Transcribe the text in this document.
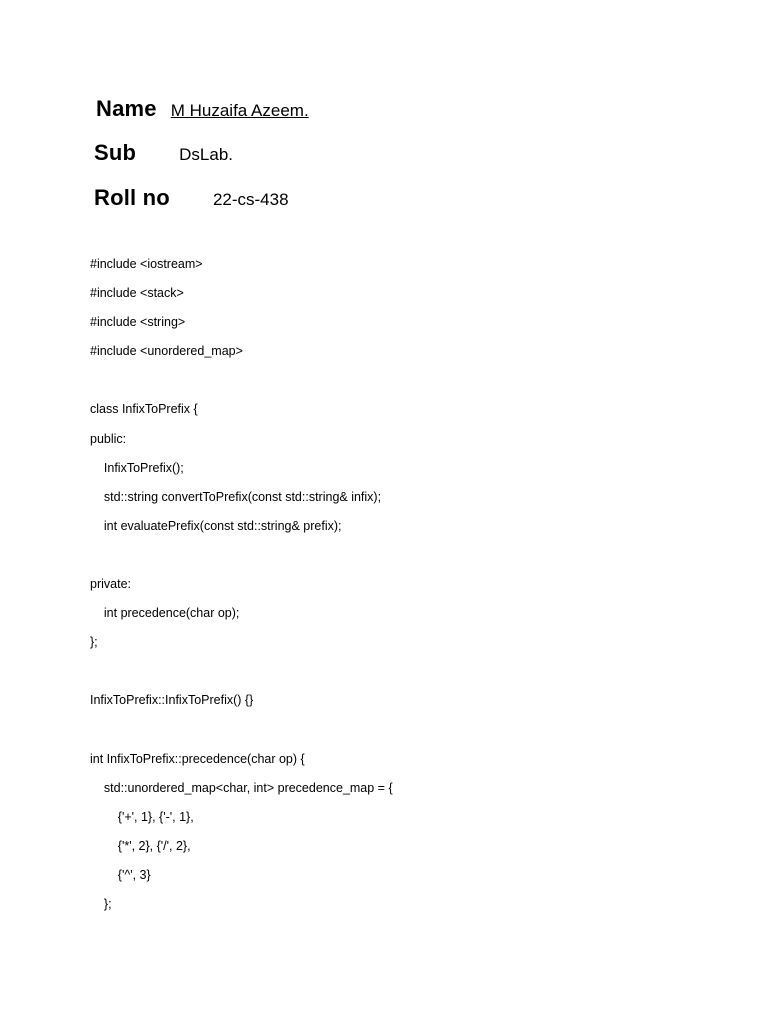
Name M Huzaifa Azeem.
Sub	DsLab.
Roll no	22-cs-438
#include <iostream>
#include <stack>
#include <string>
#include <unordered_map>
class InfixToPrefix {
public:
InfixToPrefix();
std::string convertToPrefix(const std::string& infix);
int evaluatePrefix(const std::string& prefix);
private:
int precedence(char op);
};
InfixToPrefix::InfixToPrefix() {}
int InfixToPrefix::precedence(char op) {
std::unordered_map<char, int> precedence_map = {
{'+', 1}, {'-', 1},
{'*', 2}, {'/', 2},
{'^', 3}
};
